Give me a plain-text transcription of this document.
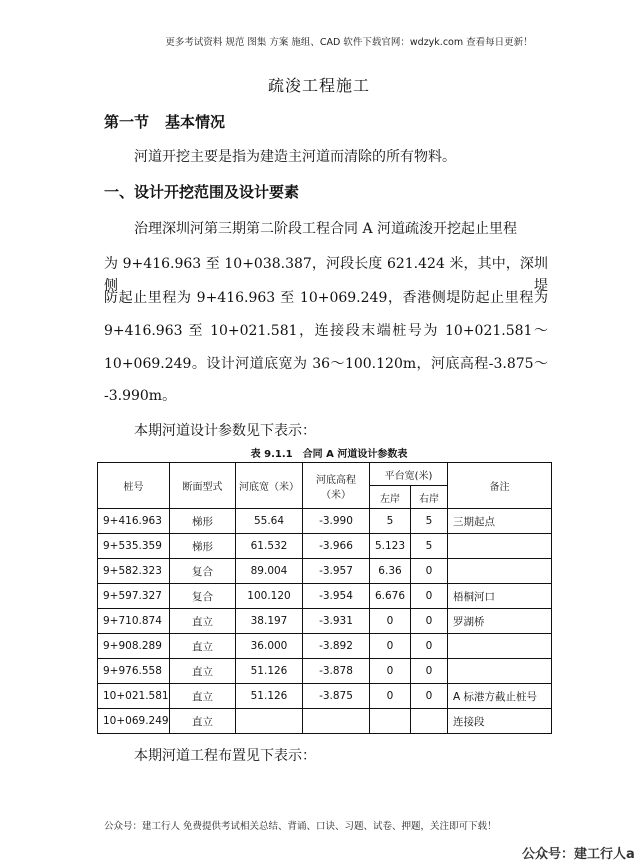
更多考试资料 规范 图集 方案 施组、CAD 软件下载官网：wdzyk.com 查看每日更新！
疏浚工程施工
第一节 基本情况
河道开挖主要是指为建造主河道而清除的所有物料。
一、设计开挖范围及设计要素
治理深圳河第三期第二阶段工程合同 A 河道疏浚开挖起止里程
为 9+416.963 至 10+038.387，河段长度 621.424 米，其中，深圳侧堤
防起止里程为 9+416.963 至 10+069.249，香港侧堤防起止里程为
9+416.963 至 10+021.581，连接段末端桩号为 10+021.581～
10+069.249。设计河道底宽为 36～100.120m，河底高程-3.875～
-3.990m。
本期河道设计参数见下表示：
表 9.1.1　合同 A 河道设计参数表
桩号	断面型式	河底宽（米）	河底高程（米）	平台宽(米)		备注
				左岸	右岸	
9+416.963	梯形	55.64	-3.990	5	5	三期起点
9+535.359	梯形	61.532	-3.966	5.123	5	
9+582.323	复合	89.004	-3.957	6.36	0	
9+597.327	复合	100.120	-3.954	6.676	0	梧桐河口
9+710.874	直立	38.197	-3.931	0	0	罗湖桥
9+908.289	直立	36.000	-3.892	0	0	
9+976.558	直立	51.126	-3.878	0	0	
10+021.581	直立	51.126	-3.875	0	0	A 标港方截止桩号
10+069.249	直立					连接段
本期河道工程布置见下表示：
公众号：建工行人 免费提供考试相关总结、背诵、口诀、习题、试卷、押题，关注即可下载！
公众号：建工行人a
